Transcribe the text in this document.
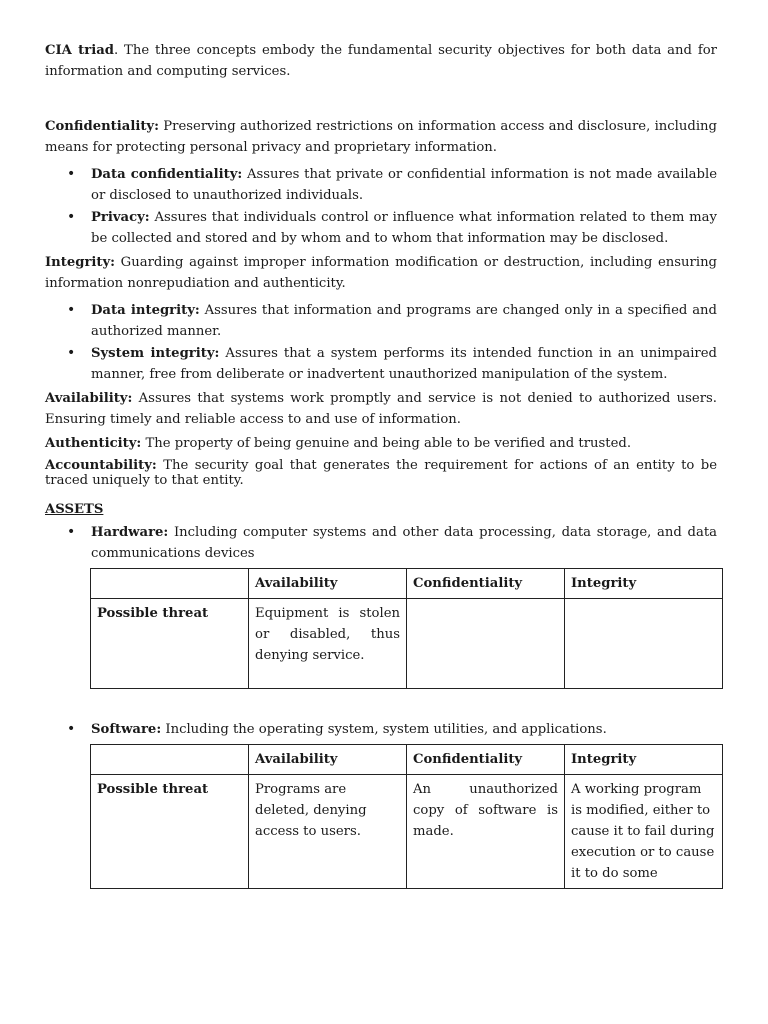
CIA triad. The three concepts embody the fundamental security objectives for both data and for information and computing services.

Confidentiality: Preserving authorized restrictions on information access and disclosure, including means for protecting personal privacy and proprietary information.

• Data confidentiality: Assures that private or confidential information is not made available or disclosed to unauthorized individuals.
• Privacy: Assures that individuals control or influence what information related to them may be collected and stored and by whom and to whom that information may be disclosed.

Integrity: Guarding against improper information modification or destruction, including ensuring information nonrepudiation and authenticity.

• Data integrity: Assures that information and programs are changed only in a specified and authorized manner.
• System integrity: Assures that a system performs its intended function in an unimpaired manner, free from deliberate or inadvertent unauthorized manipulation of the system.

Availability: Assures that systems work promptly and service is not denied to authorized users. Ensuring timely and reliable access to and use of information.

Authenticity: The property of being genuine and being able to be verified and trusted.

Accountability: The security goal that generates the requirement for actions of an entity to be traced uniquely to that entity.

ASSETS
• Hardware: Including computer systems and other data processing, data storage, and data communications devices
	Availability	Confidentiality	Integrity
Possible threat	Equipment is stolen or disabled, thus denying service.		
• Software: Including the operating system, system utilities, and applications.
	Availability	Confidentiality	Integrity
Possible threat	Programs are deleted, denying access to users.	An unauthorized copy of software is made.	A working program is modified, either to cause it to fail during execution or to cause it to do some
